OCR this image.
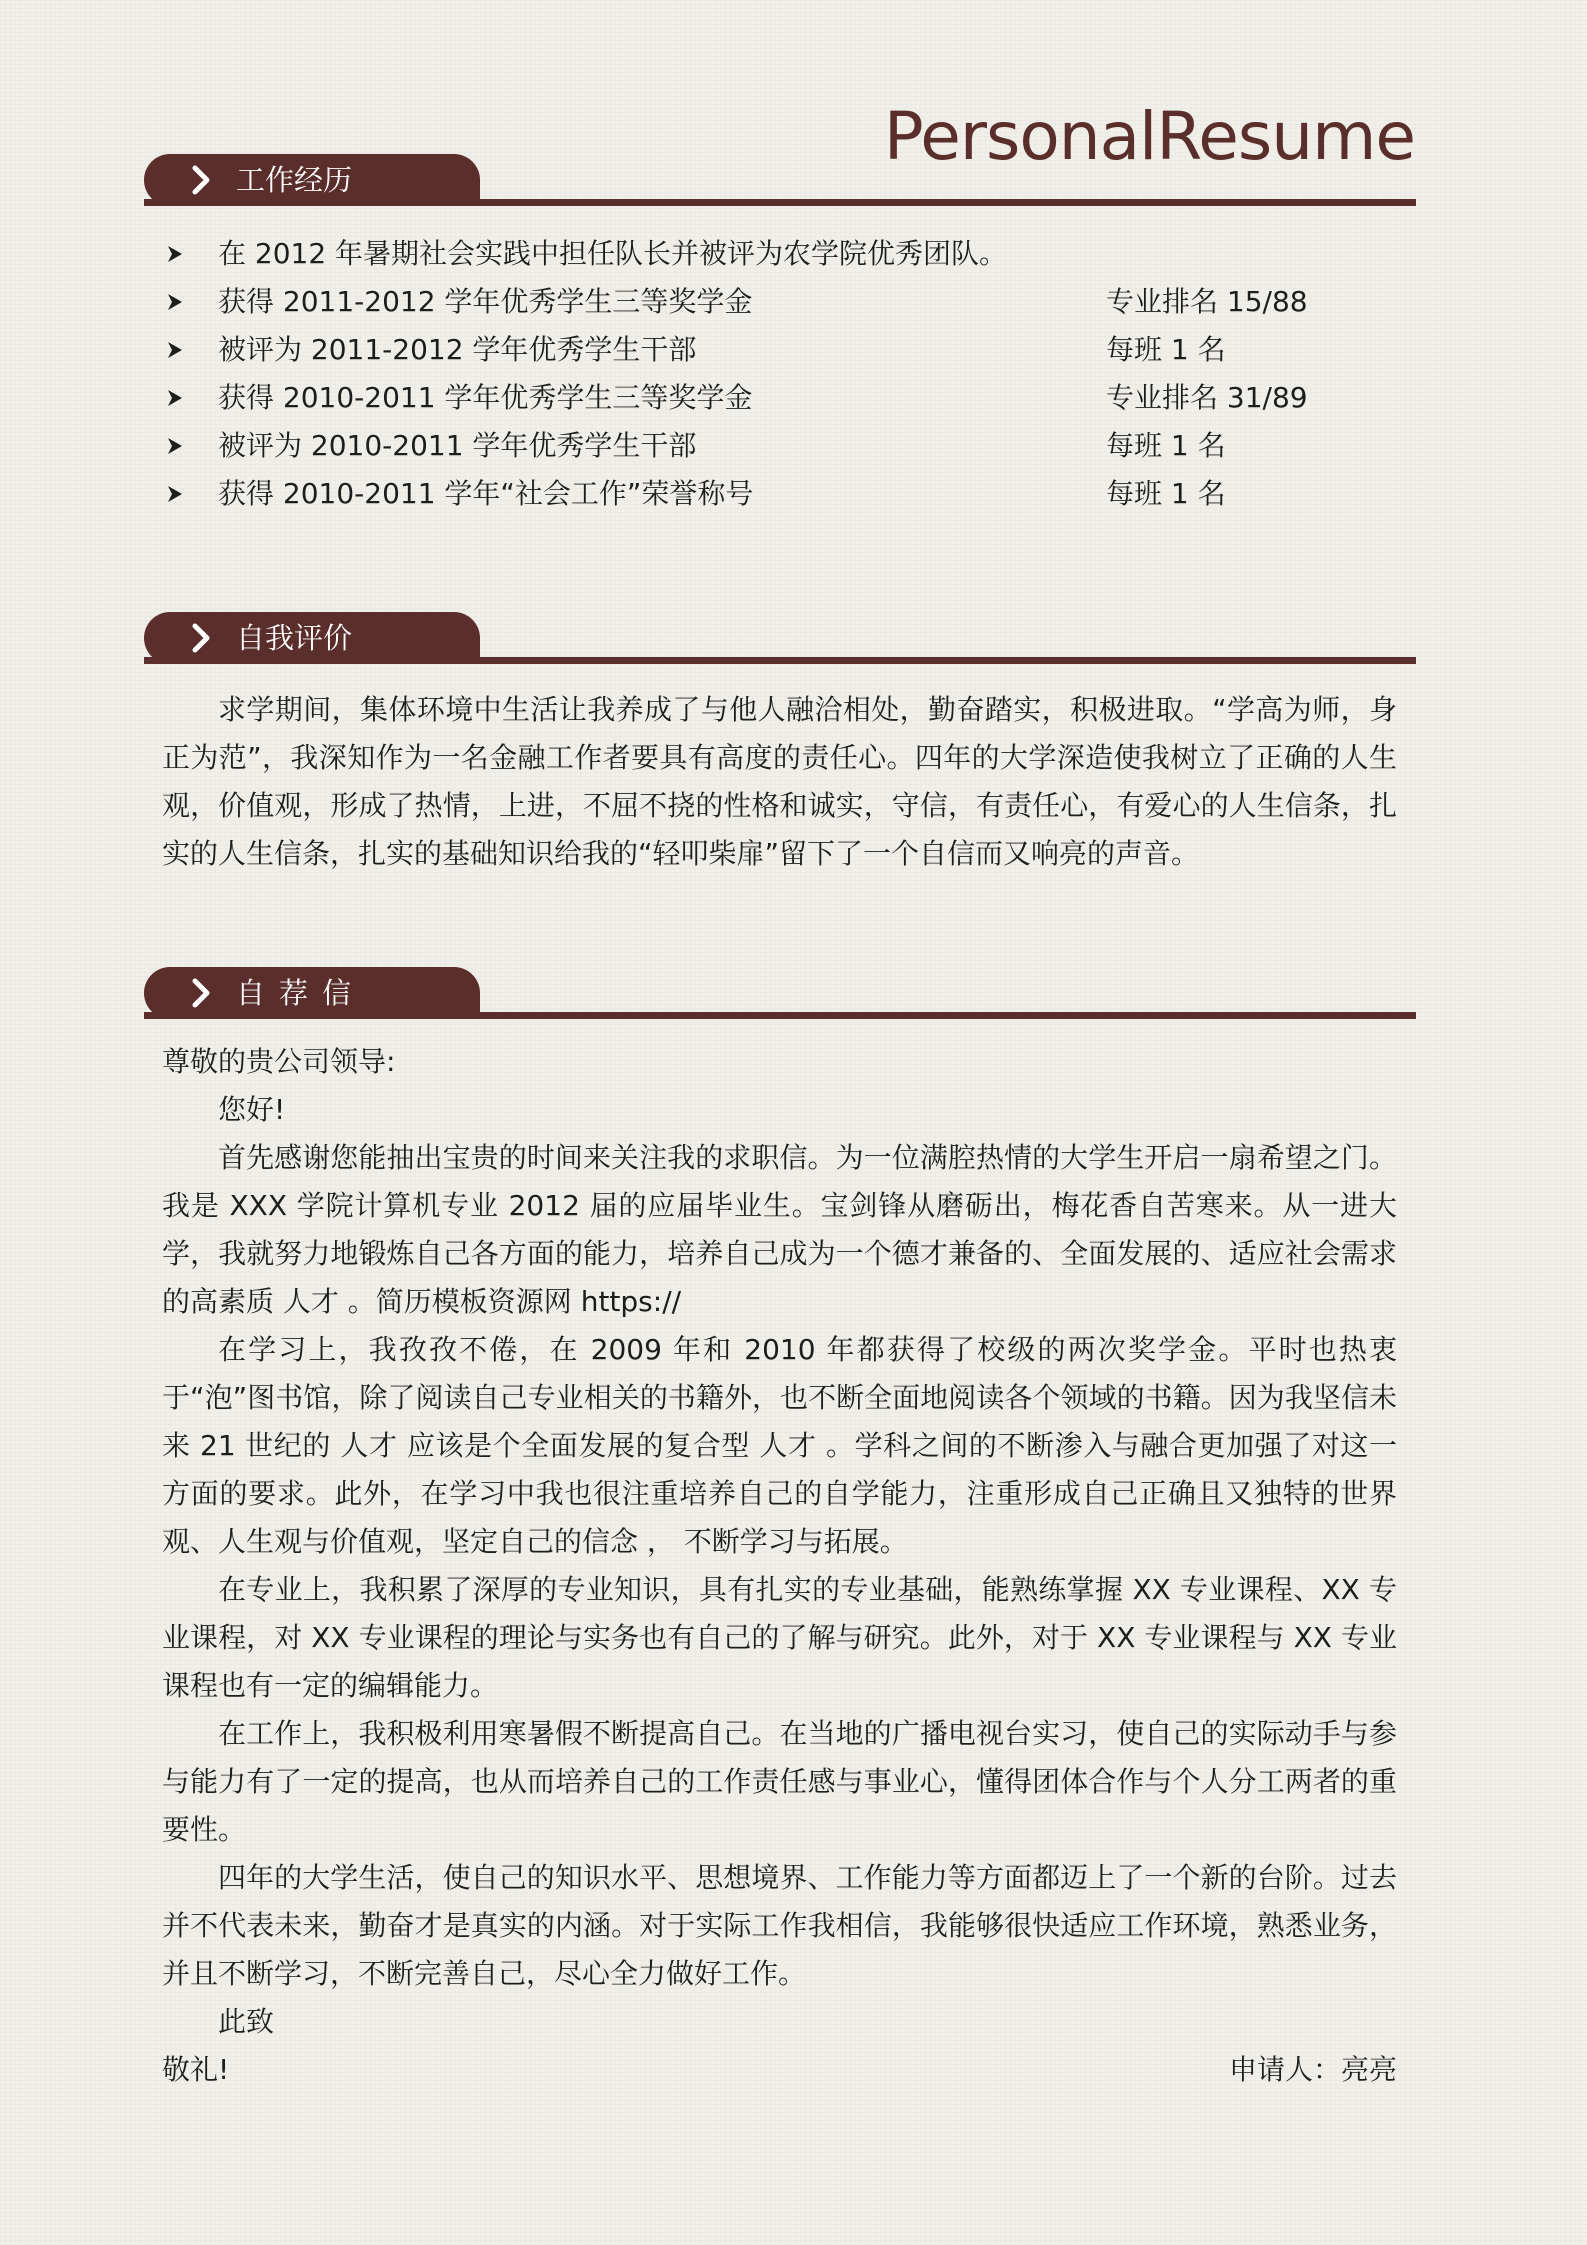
PersonalResume
工作经历
在 2012 年暑期社会实践中担任队长并被评为农学院优秀团队。
获得 2011-2012 学年优秀学生三等奖学金	专业排名 15/88
被评为 2011-2012 学年优秀学生干部	每班 1 名
获得 2010-2011 学年优秀学生三等奖学金	专业排名 31/89
被评为 2010-2011 学年优秀学生干部	每班 1 名
获得 2010-2011 学年“社会工作”荣誉称号	每班 1 名
自我评价

求学期间，集体环境中生活让我养成了与他人融洽相处，勤奋踏实，积极进取。“学高为师，身正为范”，我深知作为一名金融工作者要具有高度的责任心。四年的大学深造使我树立了正确的人生观，价值观，形成了热情，上进，不屈不挠的性格和诚实，守信，有责任心，有爱心的人生信条，扎实的人生信条，扎实的基础知识给我的“轻叩柴扉”留下了一个自信而又响亮的声音。

自荐信
尊敬的贵公司领导:
您好!

首先感谢您能抽出宝贵的时间来关注我的求职信。为一位满腔热情的大学生开启一扇希望之门。我是 XXX 学院计算机专业 2012 届的应届毕业生。宝剑锋从磨砺出，梅花香自苦寒来。从一进大学，我就努力地锻炼自己各方面的能力，培养自己成为一个德才兼备的、全面发展的、适应社会需求的高素质 人才 。简历模板资源网 https://

在学习上，我孜孜不倦，在 2009 年和 2010 年都获得了校级的两次奖学金。平时也热衷于“泡”图书馆，除了阅读自己专业相关的书籍外，也不断全面地阅读各个领域的书籍。因为我坚信未来 21 世纪的 人才 应该是个全面发展的复合型 人才 。学科之间的不断渗入与融合更加强了对这一方面的要求。此外，在学习中我也很注重培养自己的自学能力，注重形成自己正确且又独特的世界观、人生观与价值观，坚定自己的信念 ， 不断学习与拓展。

在专业上，我积累了深厚的专业知识，具有扎实的专业基础，能熟练掌握 XX 专业课程、XX 专业课程，对 XX 专业课程的理论与实务也有自己的了解与研究。此外，对于 XX 专业课程与 XX 专业课程也有一定的编辑能力。

在工作上，我积极利用寒暑假不断提高自己。在当地的广播电视台实习，使自己的实际动手与参与能力有了一定的提高，也从而培养自己的工作责任感与事业心，懂得团体合作与个人分工两者的重要性。

四年的大学生活，使自己的知识水平、思想境界、工作能力等方面都迈上了一个新的台阶。过去并不代表未来，勤奋才是真实的内涵。对于实际工作我相信，我能够很快适应工作环境，熟悉业务，并且不断学习，不断完善自己，尽心全力做好工作。

此致
敬礼!	申请人：亮亮
